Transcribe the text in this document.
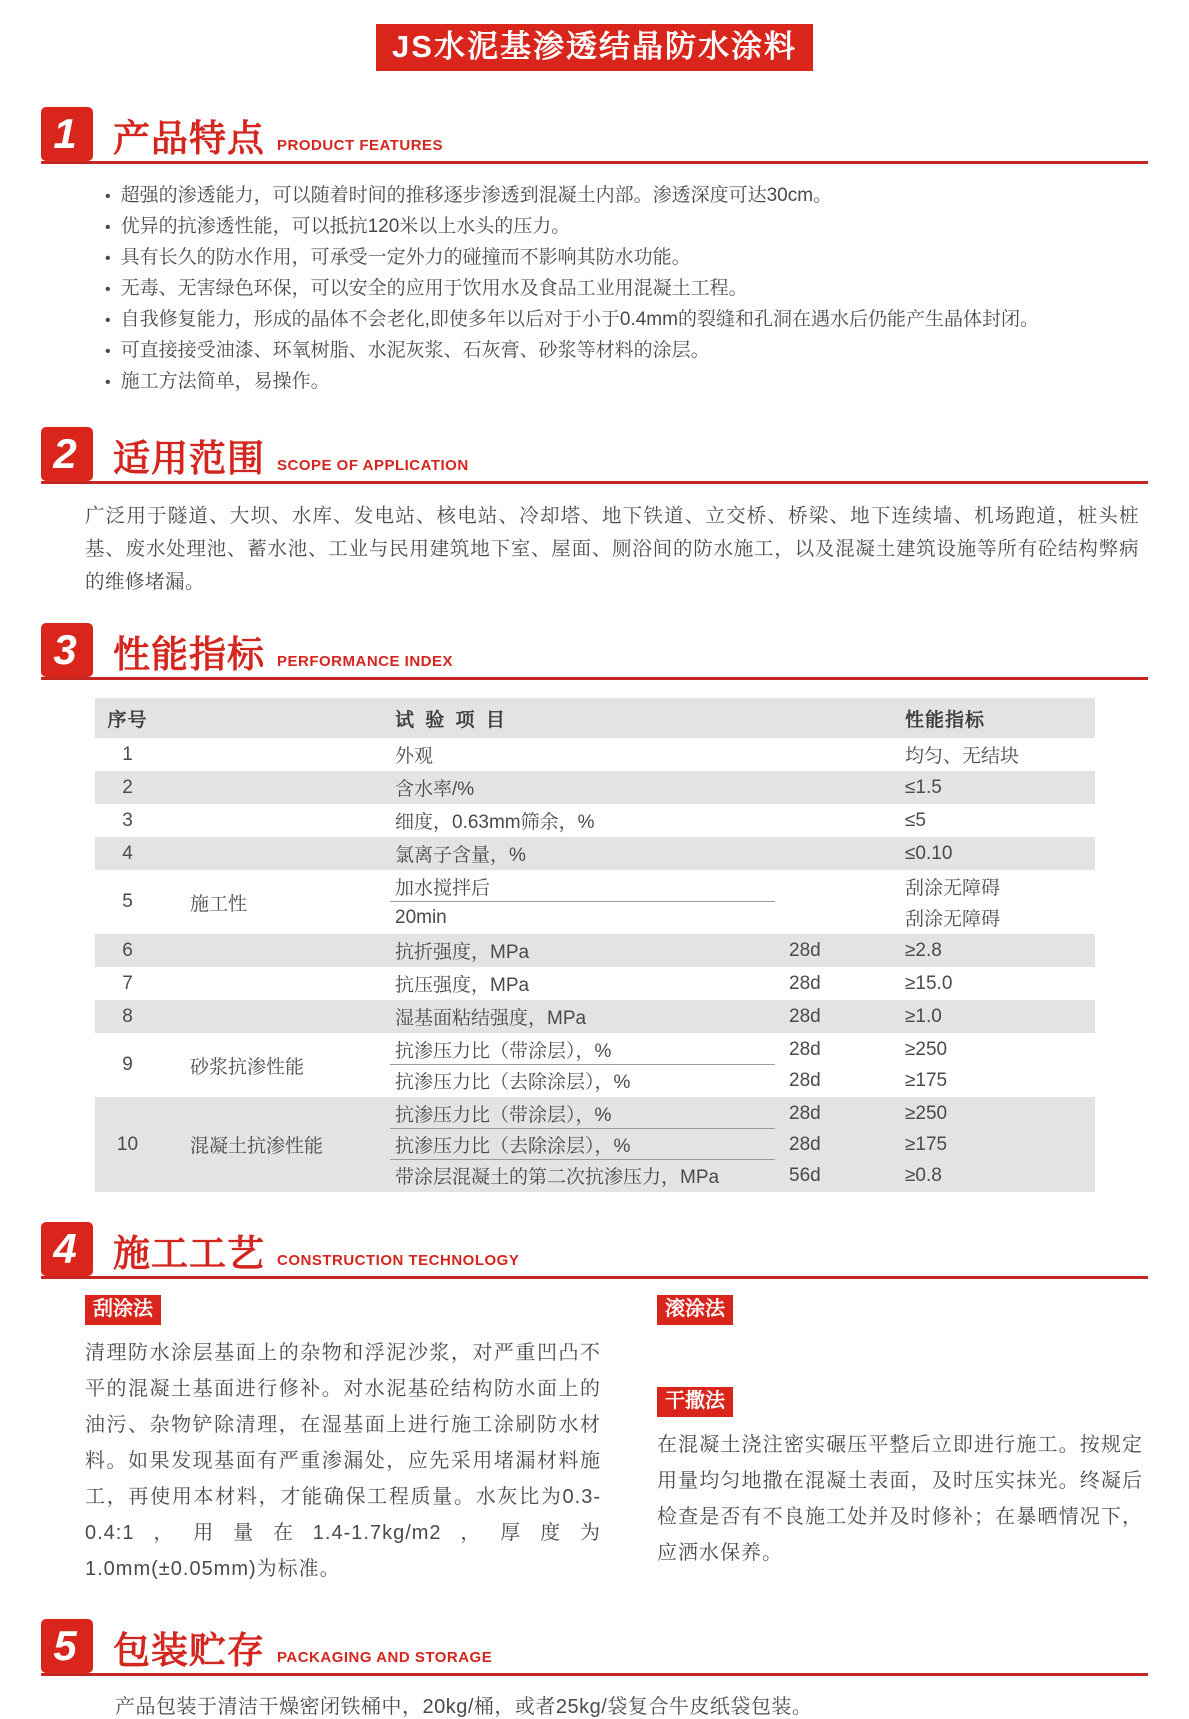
JS水泥基渗透结晶防水涂料
1 产品特点 PRODUCT FEATURES
• 超强的渗透能力，可以随着时间的推移逐步渗透到混凝土内部。渗透深度可达30cm。
• 优异的抗渗透性能，可以抵抗120米以上水头的压力。
• 具有长久的防水作用，可承受一定外力的碰撞而不影响其防水功能。
• 无毒、无害绿色环保，可以安全的应用于饮用水及食品工业用混凝土工程。
• 自我修复能力，形成的晶体不会老化,即使多年以后对于小于0.4mm的裂缝和孔洞在遇水后仍能产生晶体封闭。
• 可直接接受油漆、环氧树脂、水泥灰浆、石灰膏、砂浆等材料的涂层。
• 施工方法简单，易操作。
2 适用范围 SCOPE OF APPLICATION

广泛用于隧道、大坝、水库、发电站、核电站、冷却塔、地下铁道、立交桥、桥梁、地下连续墙、机场跑道，桩头桩基、废水处理池、蓄水池、工业与民用建筑地下室、屋面、厕浴间的防水施工，以及混凝土建筑设施等所有砼结构弊病的维修堵漏。

3 性能指标 PERFORMANCE INDEX
序号	试 验 项 目	性能指标
1	外观	均匀、无结块
2	含水率/%	≤1.5
3	细度，0.63mm筛余，%	≤5
4	氯离子含量，%	≤0.10
5	施工性
加水搅拌后	刮涂无障碍
20min	刮涂无障碍
6	抗折强度，MPa	28d	≥2.8
7	抗压强度，MPa	28d	≥15.0
8	湿基面粘结强度，MPa	28d	≥1.0
9	砂浆抗渗性能
抗渗压力比（带涂层），%	28d	≥250
抗渗压力比（去除涂层），%	28d	≥175
10	混凝土抗渗性能
抗渗压力比（带涂层），%	28d	≥250
抗渗压力比（去除涂层），%	28d	≥175
带涂层混凝土的第二次抗渗压力，MPa	56d	≥0.8
4 施工工艺 CONSTRUCTION TECHNOLOGY
刮涂法

清理防水涂层基面上的杂物和浮泥沙浆，对严重凹凸不平的混凝土基面进行修补。对水泥基砼结构防水面上的油污、杂物铲除清理，在湿基面上进行施工涂刷防水材料。如果发现基面有严重渗漏处，应先采用堵漏材料施工，再使用本材料，才能确保工程质量。水灰比为0.3-0.4:1，用量在1.4-1.7kg/m2，厚度为1.0mm(±0.05mm)为标准。

滚涂法
干撒法

在混凝土浇注密实碾压平整后立即进行施工。按规定用量均匀地撒在混凝土表面，及时压实抹光。终凝后检查是否有不良施工处并及时修补；在暴晒情况下，应洒水保养。

5 包装贮存 PACKAGING AND STORAGE

产品包装于清洁干燥密闭铁桶中，20kg/桶，或者25kg/袋复合牛皮纸袋包装。
